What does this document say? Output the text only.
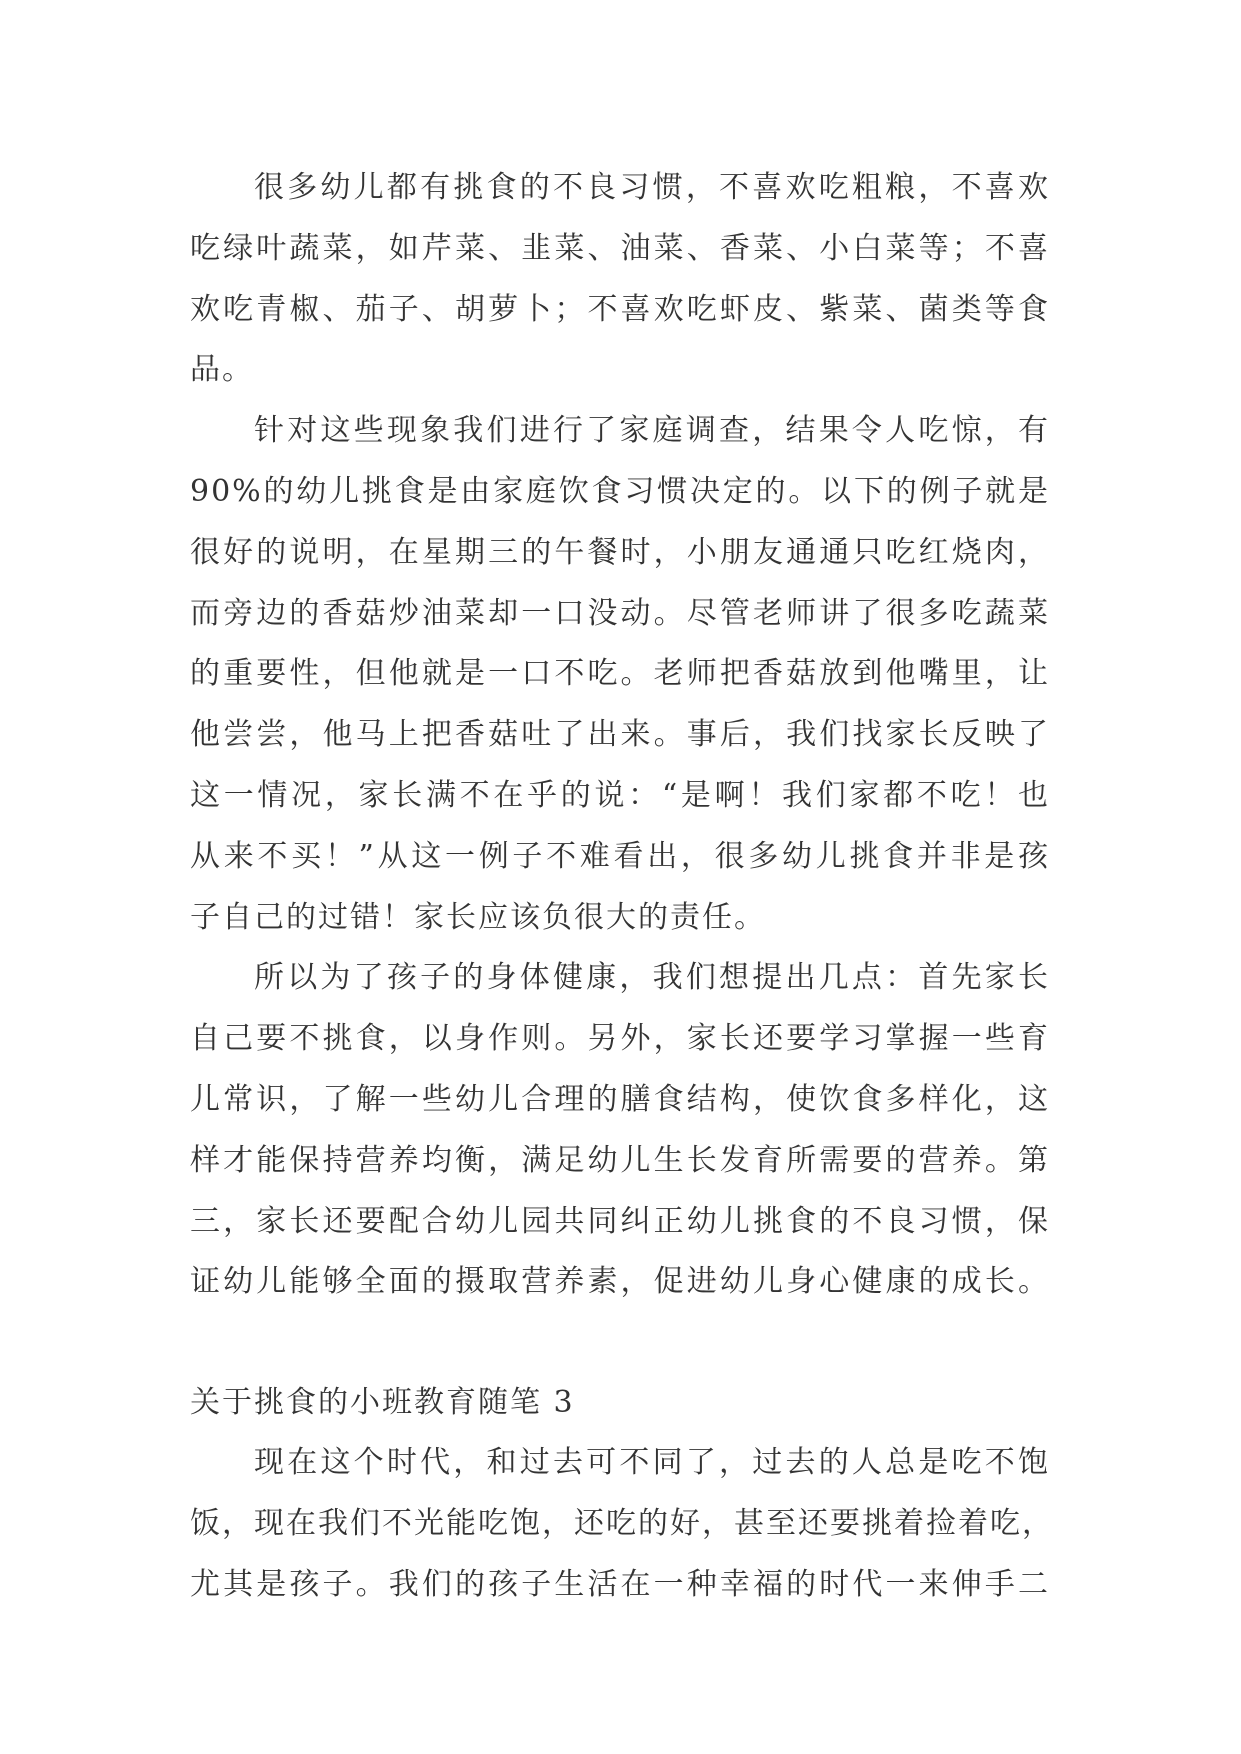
很多幼儿都有挑食的不良习惯，不喜欢吃粗粮，不喜欢
吃绿叶蔬菜，如芹菜、韭菜、油菜、香菜、小白菜等；不喜
欢吃青椒、茄子、胡萝卜；不喜欢吃虾皮、紫菜、菌类等食
品。
针对这些现象我们进行了家庭调查，结果令人吃惊，有
90%的幼儿挑食是由家庭饮食习惯决定的。以下的例子就是
很好的说明，在星期三的午餐时，小朋友通通只吃红烧肉，
而旁边的香菇炒油菜却一口没动。尽管老师讲了很多吃蔬菜
的重要性，但他就是一口不吃。老师把香菇放到他嘴里，让
他尝尝，他马上把香菇吐了出来。事后，我们找家长反映了
这一情况，家长满不在乎的说：“是啊！我们家都不吃！也
从来不买！”从这一例子不难看出，很多幼儿挑食并非是孩
子自己的过错！家长应该负很大的责任。
所以为了孩子的身体健康，我们想提出几点：首先家长
自己要不挑食，以身作则。另外，家长还要学习掌握一些育
儿常识，了解一些幼儿合理的膳食结构，使饮食多样化，这
样才能保持营养均衡，满足幼儿生长发育所需要的营养。第
三，家长还要配合幼儿园共同纠正幼儿挑食的不良习惯，保
证幼儿能够全面的摄取营养素，促进幼儿身心健康的成长。
关于挑食的小班教育随笔 3
现在这个时代，和过去可不同了，过去的人总是吃不饱
饭，现在我们不光能吃饱，还吃的好，甚至还要挑着捡着吃，
尤其是孩子。我们的孩子生活在一种幸福的时代一来伸手二
